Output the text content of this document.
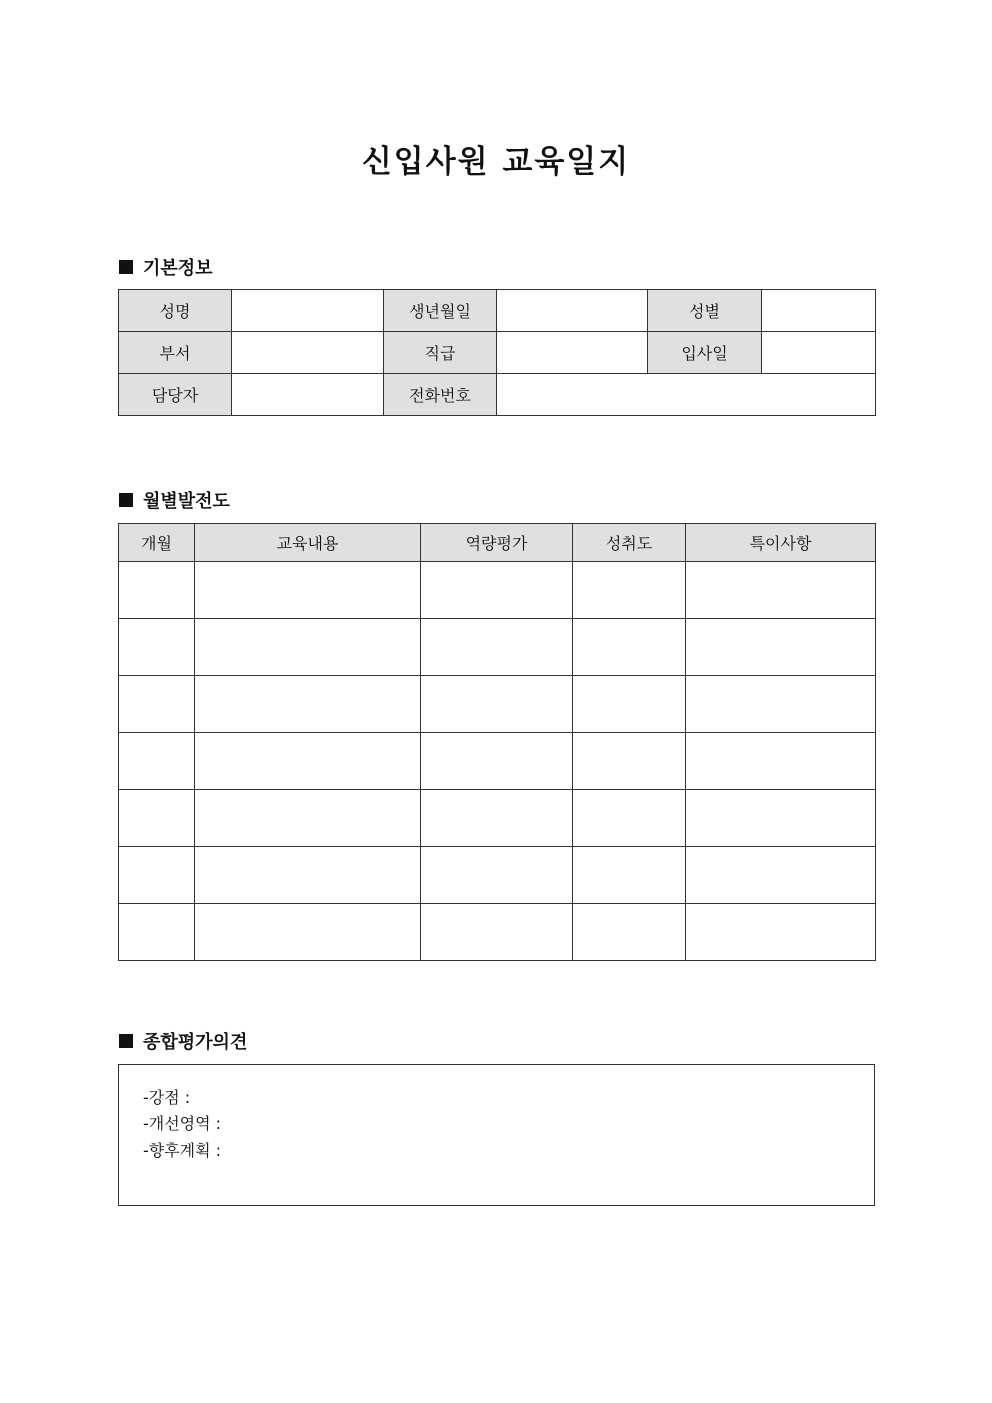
신입사원 교육일지
기본정보
성명		생년월일		성별	
부서		직급		입사일	
담당자		전화번호			
월별발전도
개월	교육내용	역량평가	성취도	특이사항

종합평가의견

-강점 :

-개선영역 :

-향후계획 :
